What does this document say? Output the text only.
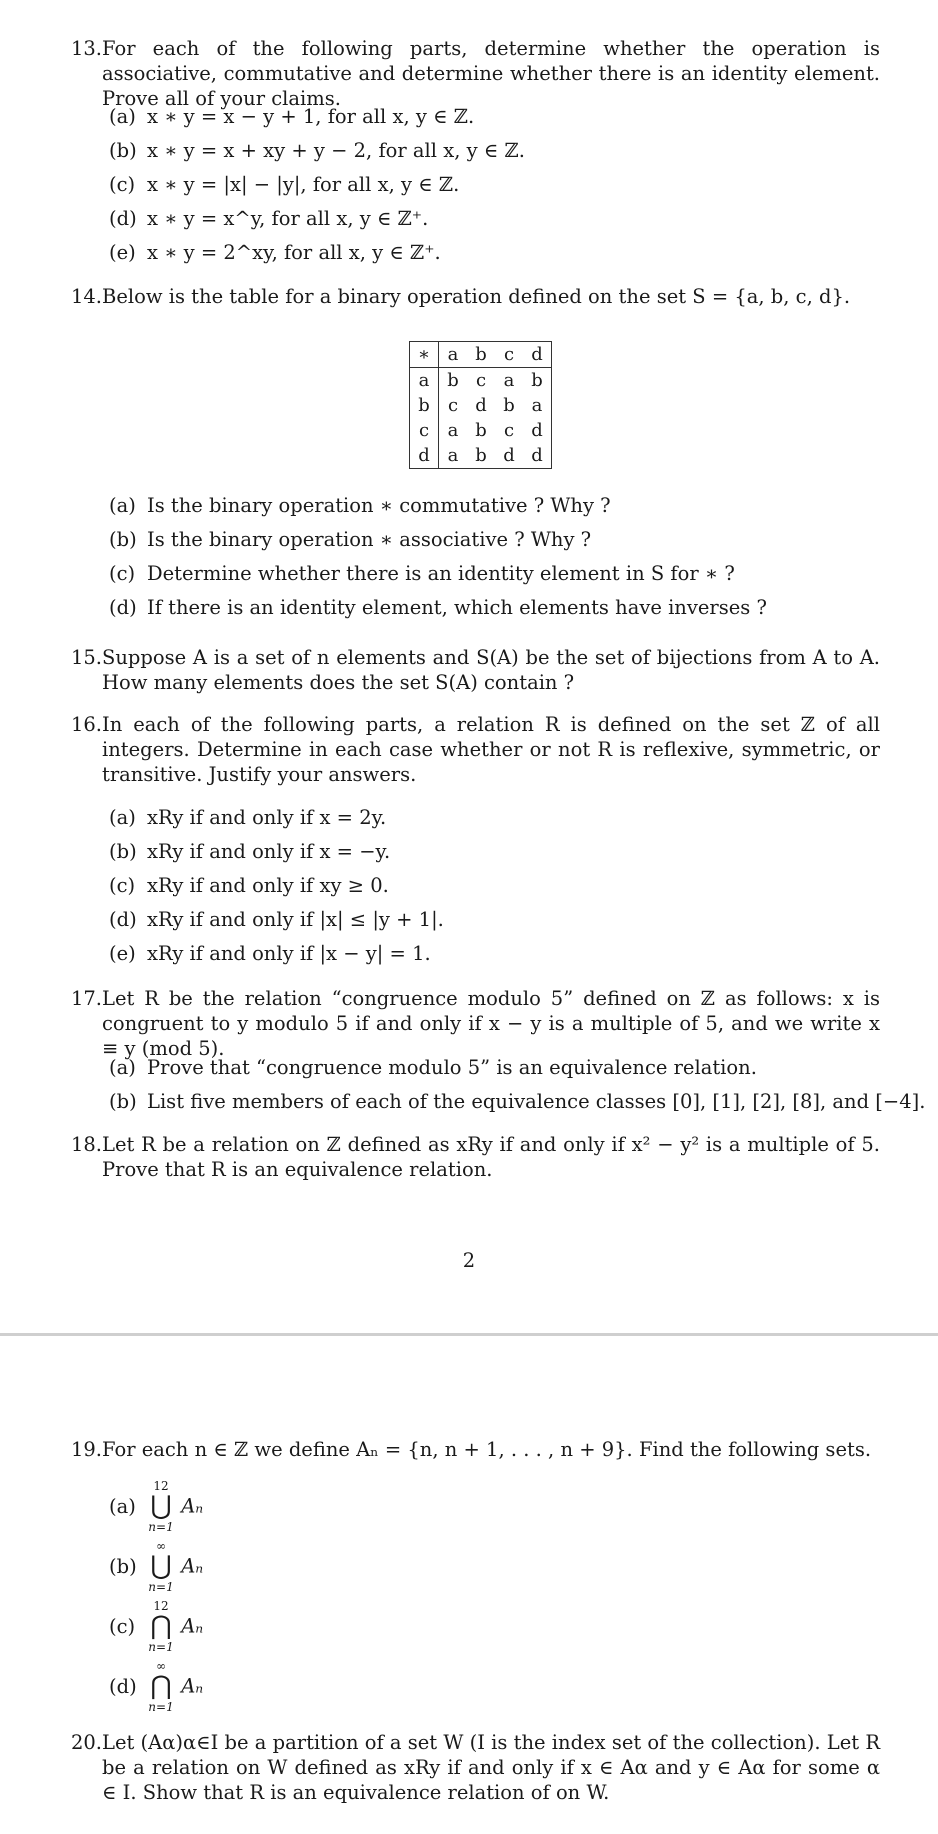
13. For each of the following parts, determine whether the operation is associative, commutative and determine whether there is an identity element. Prove all of your claims.
(a) x ∗ y = x − y + 1, for all x, y ∈ ℤ.
(b) x ∗ y = x + xy + y − 2, for all x, y ∈ ℤ.
(c) x ∗ y = |x| − |y|, for all x, y ∈ ℤ.
(d) x ∗ y = x^y, for all x, y ∈ ℤ⁺.
(e) x ∗ y = 2^xy, for all x, y ∈ ℤ⁺.
14. Below is the table for a binary operation defined on the set S = {a, b, c, d}.
∗	a	b	c	d
a	b	c	a	b
b	c	d	b	a
c	a	b	c	d
d	a	b	d	d
(a) Is the binary operation ∗ commutative ? Why ?
(b) Is the binary operation ∗ associative ? Why ?
(c) Determine whether there is an identity element in S for ∗ ?
(d) If there is an identity element, which elements have inverses ?
15. Suppose A is a set of n elements and S(A) be the set of bijections from A to A. How many elements does the set S(A) contain ?
16. In each of the following parts, a relation R is defined on the set ℤ of all integers. Determine in each case whether or not R is reflexive, symmetric, or transitive. Justify your answers.
(a) xRy if and only if x = 2y.
(b) xRy if and only if x = −y.
(c) xRy if and only if xy ≥ 0.
(d) xRy if and only if |x| ≤ |y + 1|.
(e) xRy if and only if |x − y| = 1.
17. Let R be the relation “congruence modulo 5” defined on ℤ as follows: x is congruent to y modulo 5 if and only if x − y is a multiple of 5, and we write x ≡ y (mod 5).
(a) Prove that “congruence modulo 5” is an equivalence relation.
(b) List five members of each of the equivalence classes [0], [1], [2], [8], and [−4].
18. Let R be a relation on ℤ defined as xRy if and only if x² − y² is a multiple of 5. Prove that R is an equivalence relation.
2
19. For each n ∈ ℤ we define Aₙ = {n, n + 1, . . . , n + 9}. Find the following sets.
(a)
12
⋃
n=1
Aₙ
(b)
∞
⋃
n=1
Aₙ
(c)
12
⋂
n=1
Aₙ
(d)
∞
⋂
n=1
Aₙ
20. Let (Aα)α∈I be a partition of a set W (I is the index set of the collection). Let R be a relation on W defined as xRy if and only if x ∈ Aα and y ∈ Aα for some α ∈ I. Show that R is an equivalence relation of on W.
